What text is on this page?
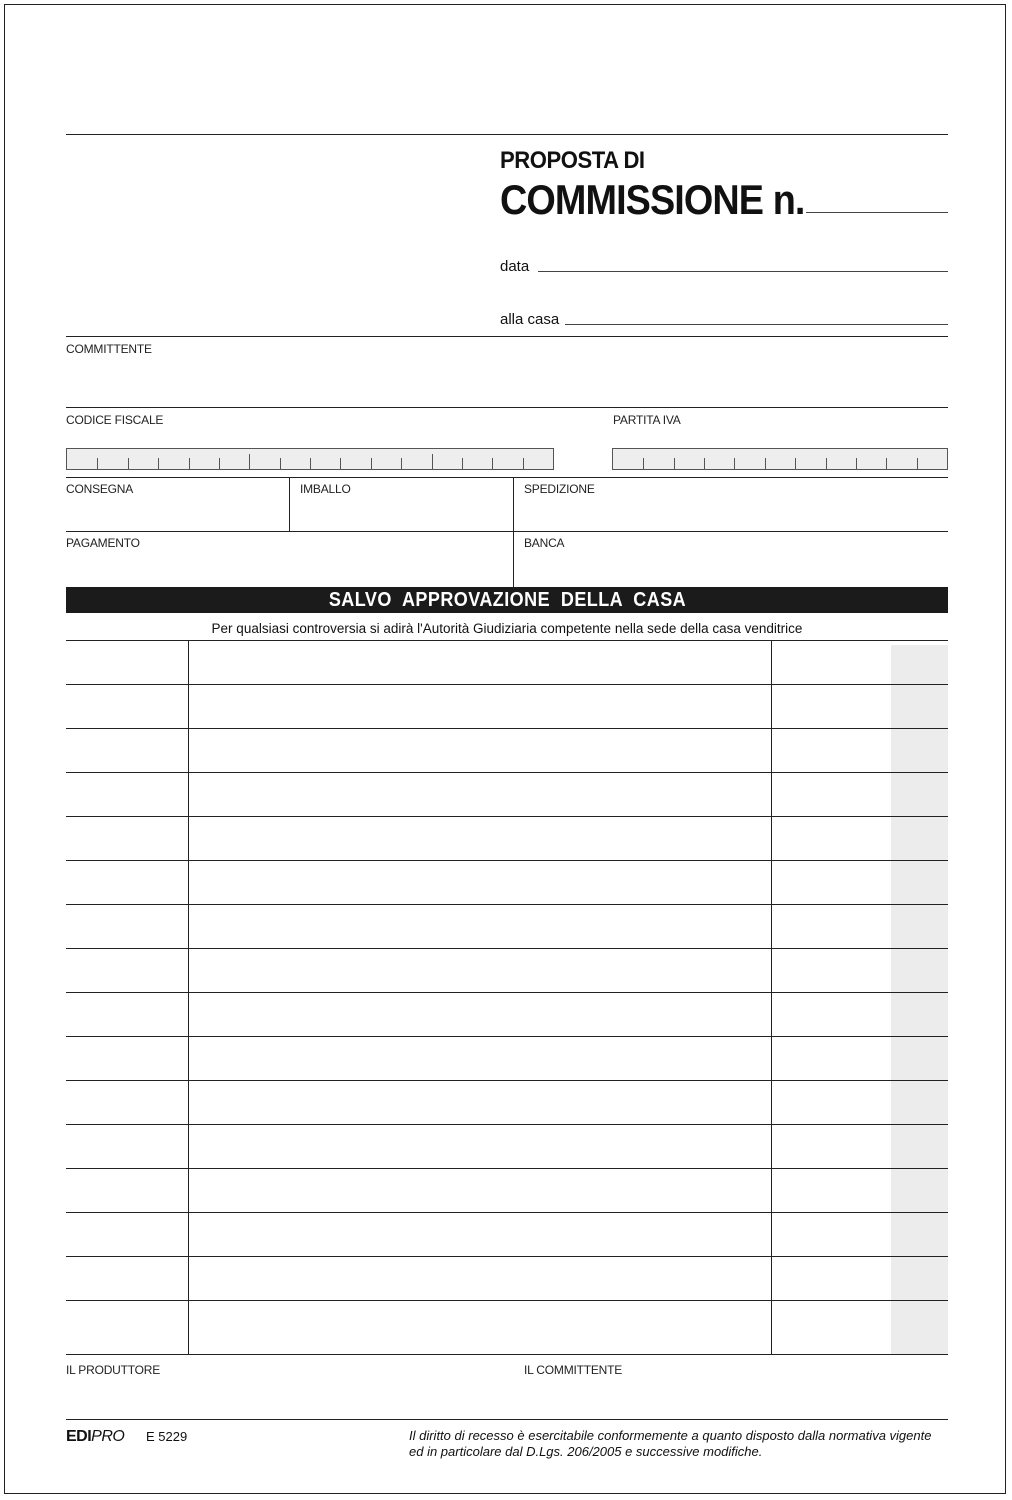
PROPOSTA DI
COMMISSIONE n.
data
alla casa
COMMITTENTE
CODICE FISCALE	PARTITA IVA
CONSEGNA	IMBALLO	SPEDIZIONE
PAGAMENTO	BANCA
SALVO APPROVAZIONE DELLA CASA
Per qualsiasi controversia si adirà l'Autorità Giudiziaria competente nella sede della casa venditrice
IL PRODUTTORE	IL COMMITTENTE
EDIPRO E 5229	Il diritto di recesso è esercitabile conformemente a quanto disposto dalla normativa vigente
ed in particolare dal D.Lgs. 206/2005 e successive modifiche.
